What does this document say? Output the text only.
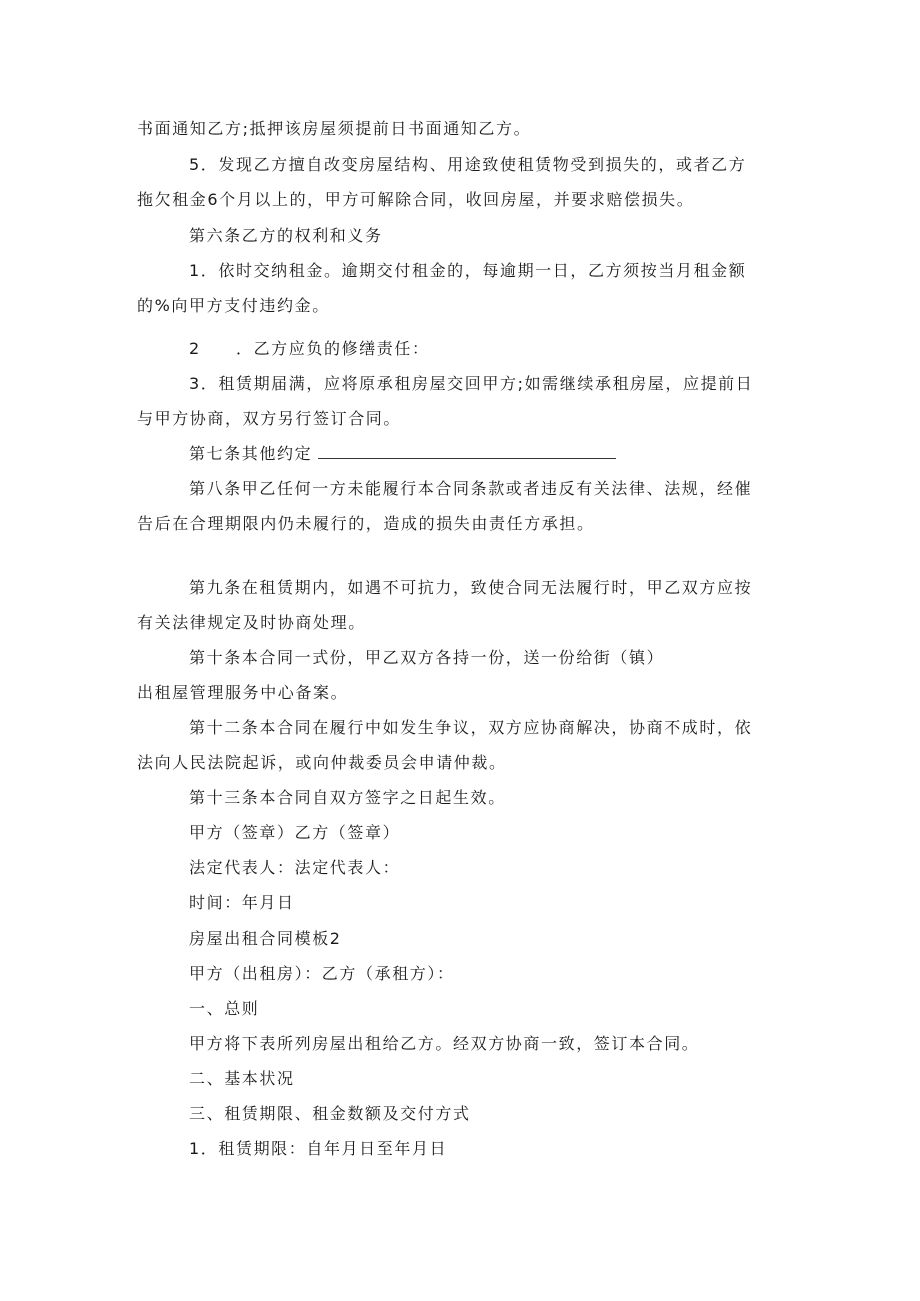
书面通知乙方;抵押该房屋须提前日书面通知乙方。
5．发现乙方擅自改变房屋结构、用途致使租赁物受到损失的，或者乙方
拖欠租金6个月以上的，甲方可解除合同，收回房屋，并要求赔偿损失。
第六条乙方的权利和义务
1．依时交纳租金。逾期交付租金的，每逾期一日，乙方须按当月租金额
的%向甲方支付违约金。
2　　．乙方应负的修缮责任：
3．租赁期届满，应将原承租房屋交回甲方;如需继续承租房屋，应提前日
与甲方协商，双方另行签订合同。
第七条其他约定
第八条甲乙任何一方未能履行本合同条款或者违反有关法律、法规，经催
告后在合理期限内仍未履行的，造成的损失由责任方承担。
第九条在租赁期内，如遇不可抗力，致使合同无法履行时，甲乙双方应按
有关法律规定及时协商处理。
第十条本合同一式份，甲乙双方各持一份，送一份给街（镇）
出租屋管理服务中心备案。
第十二条本合同在履行中如发生争议，双方应协商解决，协商不成时，依
法向人民法院起诉，或向仲裁委员会申请仲裁。
第十三条本合同自双方签字之日起生效。
甲方（签章）乙方（签章）
法定代表人：法定代表人：
时间：年月日
房屋出租合同模板2
甲方（出租房）：乙方（承租方）：
一、总则
甲方将下表所列房屋出租给乙方。经双方协商一致，签订本合同。
二、基本状况
三、租赁期限、租金数额及交付方式
1．租赁期限：自年月日至年月日
